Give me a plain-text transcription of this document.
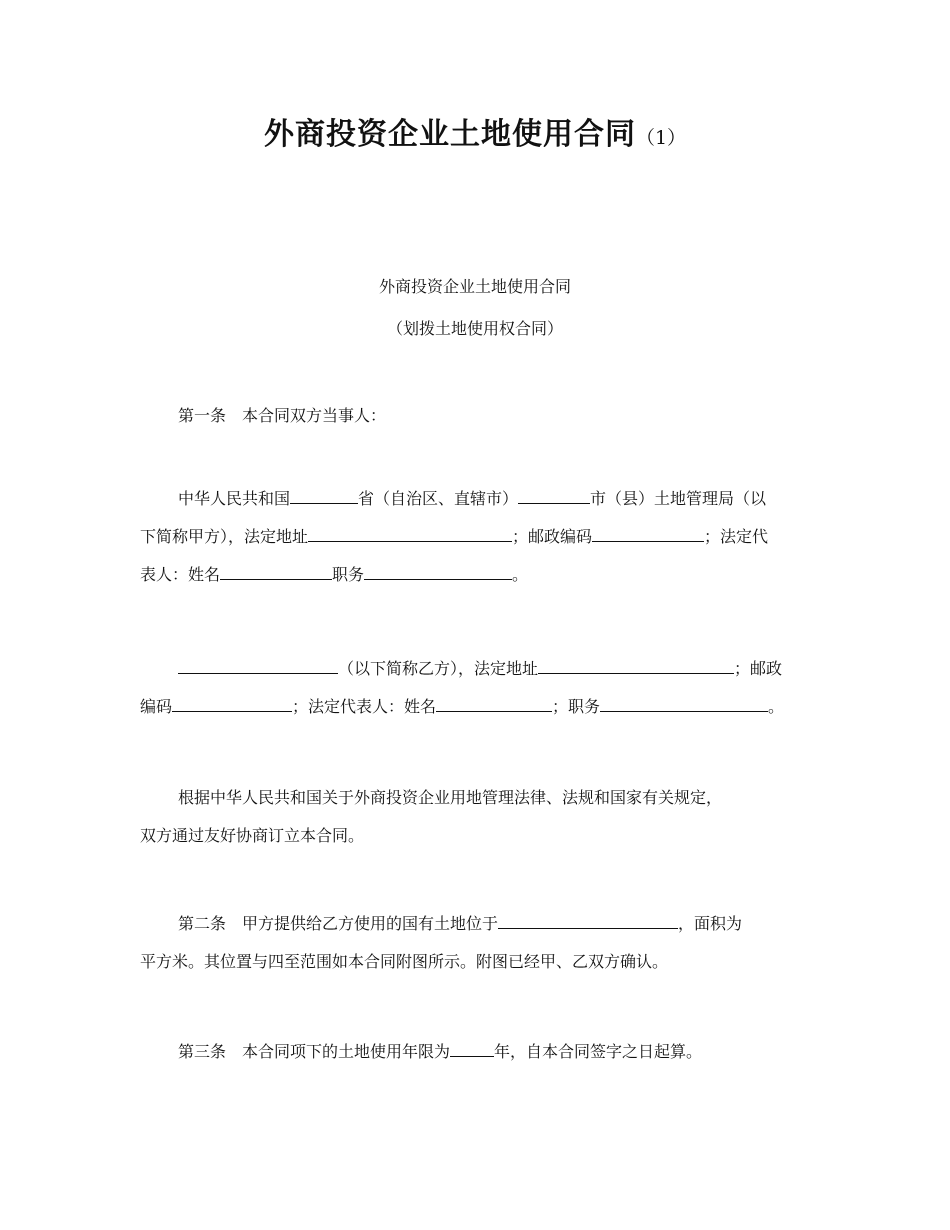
外商投资企业土地使用合同（1）
外商投资企业土地使用合同
（划拨土地使用权合同）
第一条　本合同双方当事人：
中华人民共和国	省（自治区、直辖市）	市（县）土地管理局（以
下简称甲方），法定地址	；邮政编码	；法定代
表人：姓名	职务	。
（以下简称乙方），法定地址	；邮政
编码	；法定代表人：姓名	；职务	。
根据中华人民共和国关于外商投资企业用地管理法律、法规和国家有关规定，
双方通过友好协商订立本合同。
第二条　甲方提供给乙方使用的国有土地位于	，面积为
平方米。其位置与四至范围如本合同附图所示。附图已经甲、乙双方确认。
第三条　本合同项下的土地使用年限为	年，自本合同签字之日起算。
